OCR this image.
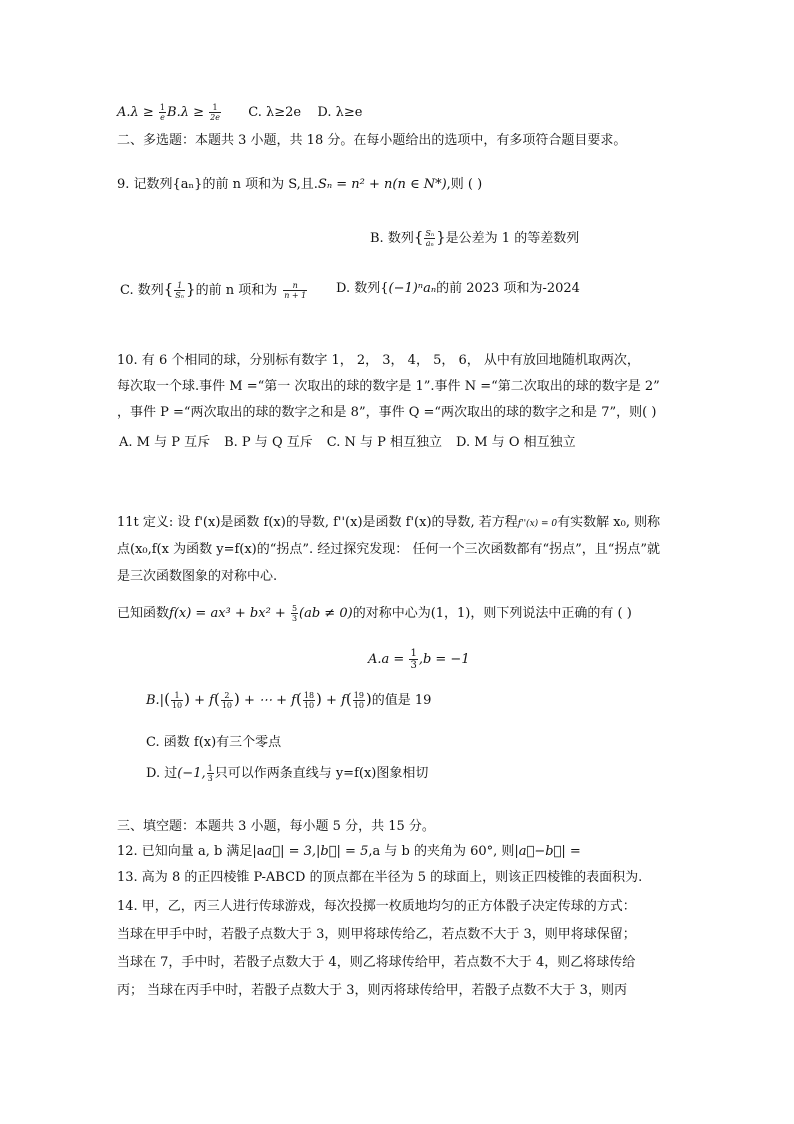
$A.\lambda \ge \frac{1}{e} B.\lambda \ge \frac{1}{2e} C$. λ≥2e D. λ≥e
二、多选题：本题共 3 小题，共 18 分。在每小题给出的选项中，有多项符合题目要求。
9. 记数列{aₙ}的前 n 项和为 S,且.Sₙ = n² + n(n ∈ N*),则 ( )
B. 数列{ $\frac{\text{Sₙ}}{\text{aₙ}}$ }是公差为 1 的等差数列
C. 数列{ $\frac{1}{\text{Sₙ}}$ }的前 n 项和为 $\frac{n}{n + 1} D$. 数列{(−1)ⁿaₙ的前 2023 项和为-2024
10. 有 6 个相同的球，分别标有数字 1， 2， 3， 4， 5， 6， 从中有放回地随机取两次，
每次取一个球.事件 M =“第一 次取出的球的数字是 1”.事件 N =“第二次取出的球的数字是 2”
，事件 P =“两次取出的球的数字之和是 8”，事件 Q =“两次取出的球的数字之和是 7”，则( )
A. M 与 P 互斥 B. P 与 Q 互斥 C. N 与 P 相互独立 D. M 与 O 相互独立
11t 定义: 设 f'(x)是函数 f(x)的导数, f''(x)是函数 f'(x)的导数, 若方程f''(x) = 0有实数解 x₀, 则称
点(x₀,f(x 为函数 y=f(x)的“拐点”. 经过探究发现： 任何一个三次函数都有“拐点”，且“拐点”就
是三次函数图象的对称中心.
已知函数$f(x) = ax^3 + bx^2 + \frac{5}{3} (ab \ne 0)$的对称中心为(1，1)，则下列说法中正确的有 ( )
$A.a = \frac{1}{3} ,b = -1$
$B.|( \frac{1}{10}$ ) + $f( \frac{2}{10}$ ) + ⋯ + $f( \frac{18}{10}$ ) + $f( \frac{19}{10}$ )的值是 19
C. 函数 f(x)有三个零点
D. 过(−1, $\frac{1}{3}$ 只可以作两条直线与 y=f(x)图象相切
三、填空题：本题共 3 小题，每小题 5 分，共 15 分。
12. 已知向量 a, b 满足|aa⃗| = 3,|b⃗| = 5,a 与 b 的夹角为 60°, 则|a⃗−b⃗| =
13. 高为 8 的正四棱锥 P-ABCD 的顶点都在半径为 5 的球面上，则该正四棱锥的表面积为.
14. 甲，乙，丙三人进行传球游戏，每次投掷一枚质地均匀的正方体骰子决定传球的方式：
当球在甲手中时，若骰子点数大于 3，则甲将球传给乙，若点数不大于 3，则甲将球保留；
当球在 7，手中时，若骰子点数大于 4，则乙将球传给甲，若点数不大于 4，则乙将球传给
丙； 当球在丙手中时，若骰子点数大于 3，则丙将球传给甲，若骰子点数不大于 3，则丙
